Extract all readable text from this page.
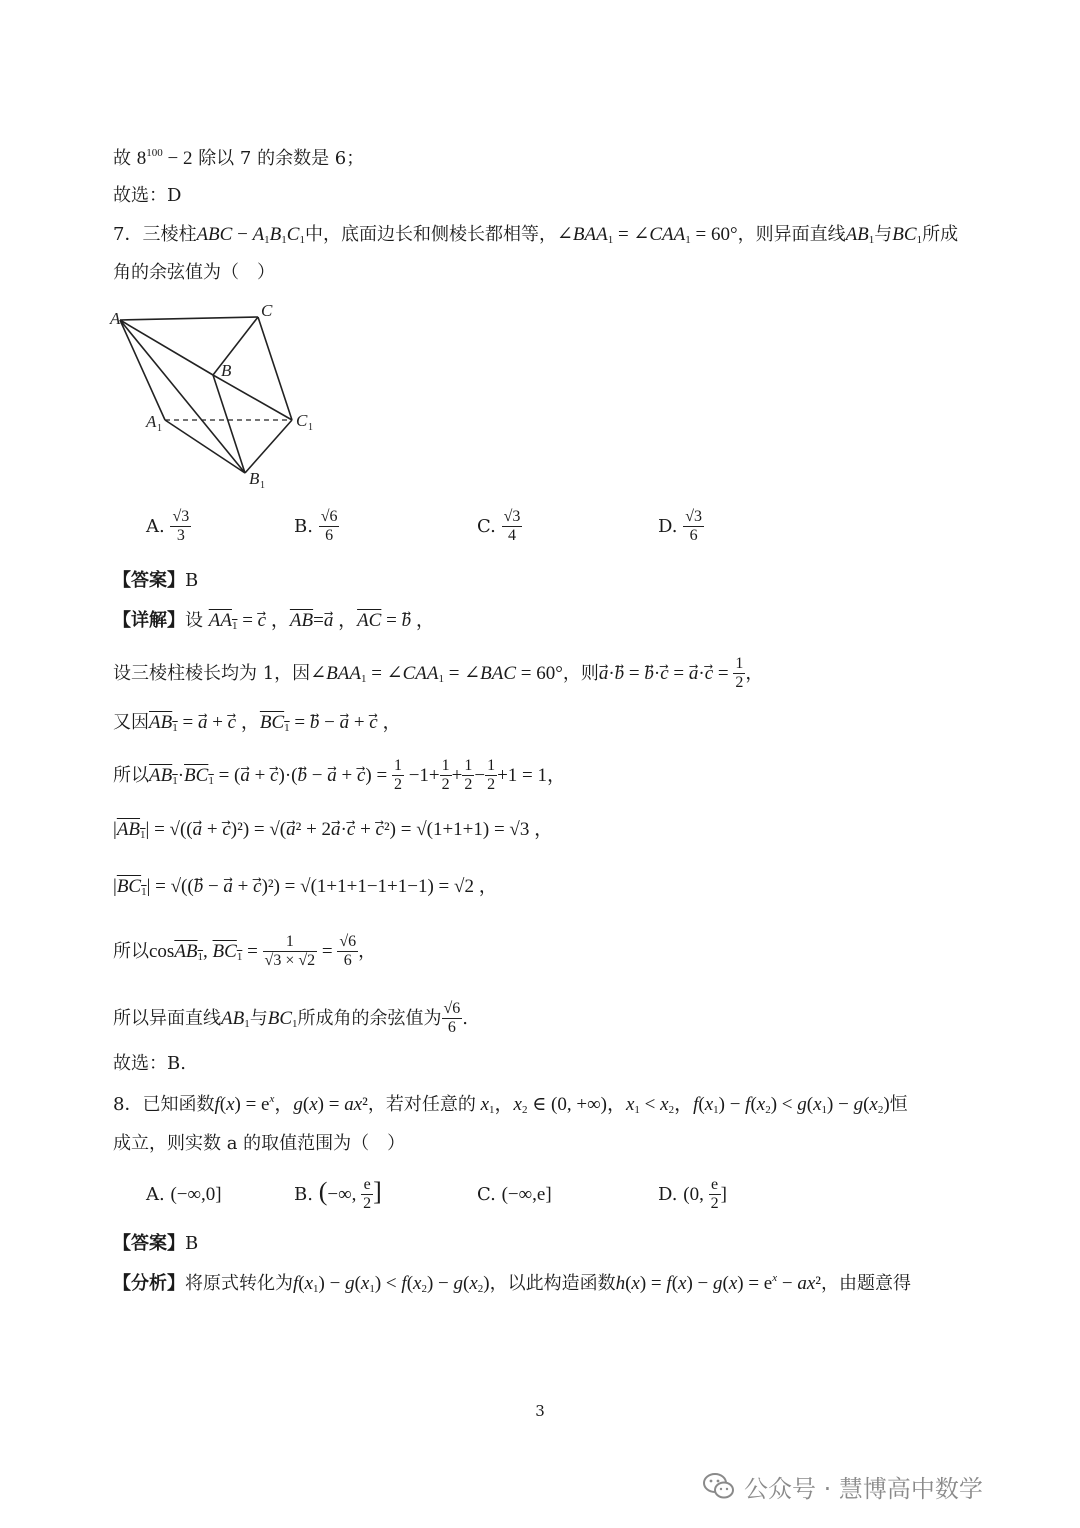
故 $8^{100} - 2$ 除以 7 的余数是 6；
故选：D
7．三棱柱ABC − $A_1B_1C_1$中，底面边长和侧棱长都相等，$\angle BAA_1$ = $\angle CAA_1 = 60^\circ$，则异面直线$AB_1$与$BC_1$所成
角的余弦值为（　）
A	C
B
A 1	C 1
B 1
A. $\frac{√3}{3}$	B. $\frac{√6}{6}$	C. $\frac{√3}{4}$	D. $\frac{√3}{6}$
【答案】B
【详解】设 $AA_1$ = c⃗ ，$\overline{AB}=a⃗$ ，$\overline{AC}$ = b⃗ ，
设三棱柱棱长均为 1，因$\angle BAA_1$ = $\angle CAA_1$ = ∠BAC = 60°，则a⃗·b⃗ = b⃗·c⃗ = a⃗·c⃗ = $\frac{1}{2}$ ，
又因$AB_1$ = a⃗ + c⃗ ，$BC_1$ = b⃗ − a⃗ + c⃗ ，
所以$AB_1\cdot BC_1$ = (a⃗ + c⃗)·(b⃗ − a⃗ + c⃗) = $\frac{1}{2} -1+ \frac{1}{2} + \frac{1}{2} - \frac{1}{2} +1 = 1$，
$|AB_1|$ = √((a⃗ + c⃗)²) = √(a⃗² + 2a⃗·c⃗ + c⃗²) = √(1+1+1) = √3 ，
$|BC_1|$ = √((b⃗ − a⃗ + c⃗)²) = √(1+1+1−1+1−1) = √2 ，
所以cosAB$_1$, $BC_1 = \frac{1}{√3 \times √2} = \frac{√6}{6}$ ，
所以异面直线$AB_1$与$BC_1$所成角的余弦值为 $\frac{√6}{6}$ .
故选：B.
8．已知函数$f(x) = e^x$，g(x) = ax²，若对任意的 $x_1$，$x_2$ ∈ (0, +∞)，$x_1 < x_2$，$f(x_1) - f(x_2) < g(x_1) - g(x_2)$恒
成立，则实数 a 的取值范围为（　）
A. (−∞,0]	B. (−∞, $\frac{e}{2}$ ]	C. (−∞,e]	D. (0, $\frac{e}{2}$ ]
【答案】B
【分析】将原式转化为$f(x_1) - g(x_1) < f(x_2) - g(x_2)$，以此构造函数$h(x) = f(x) - g(x) = e^x - ax^2$，由题意得
3
公众号 · 慧博高中数学
